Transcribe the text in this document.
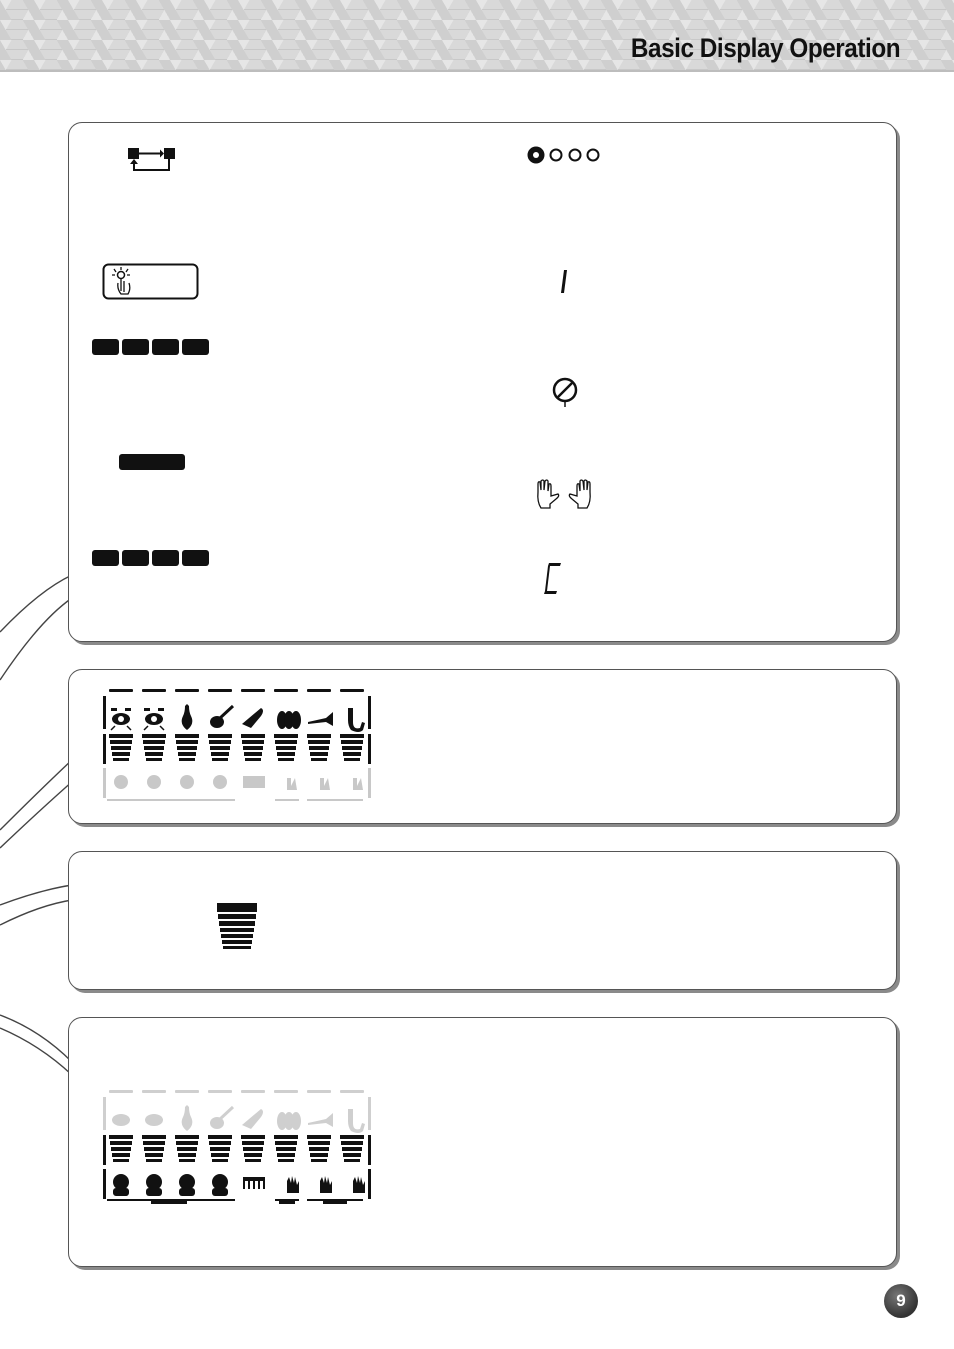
Basic Display Operation
9
